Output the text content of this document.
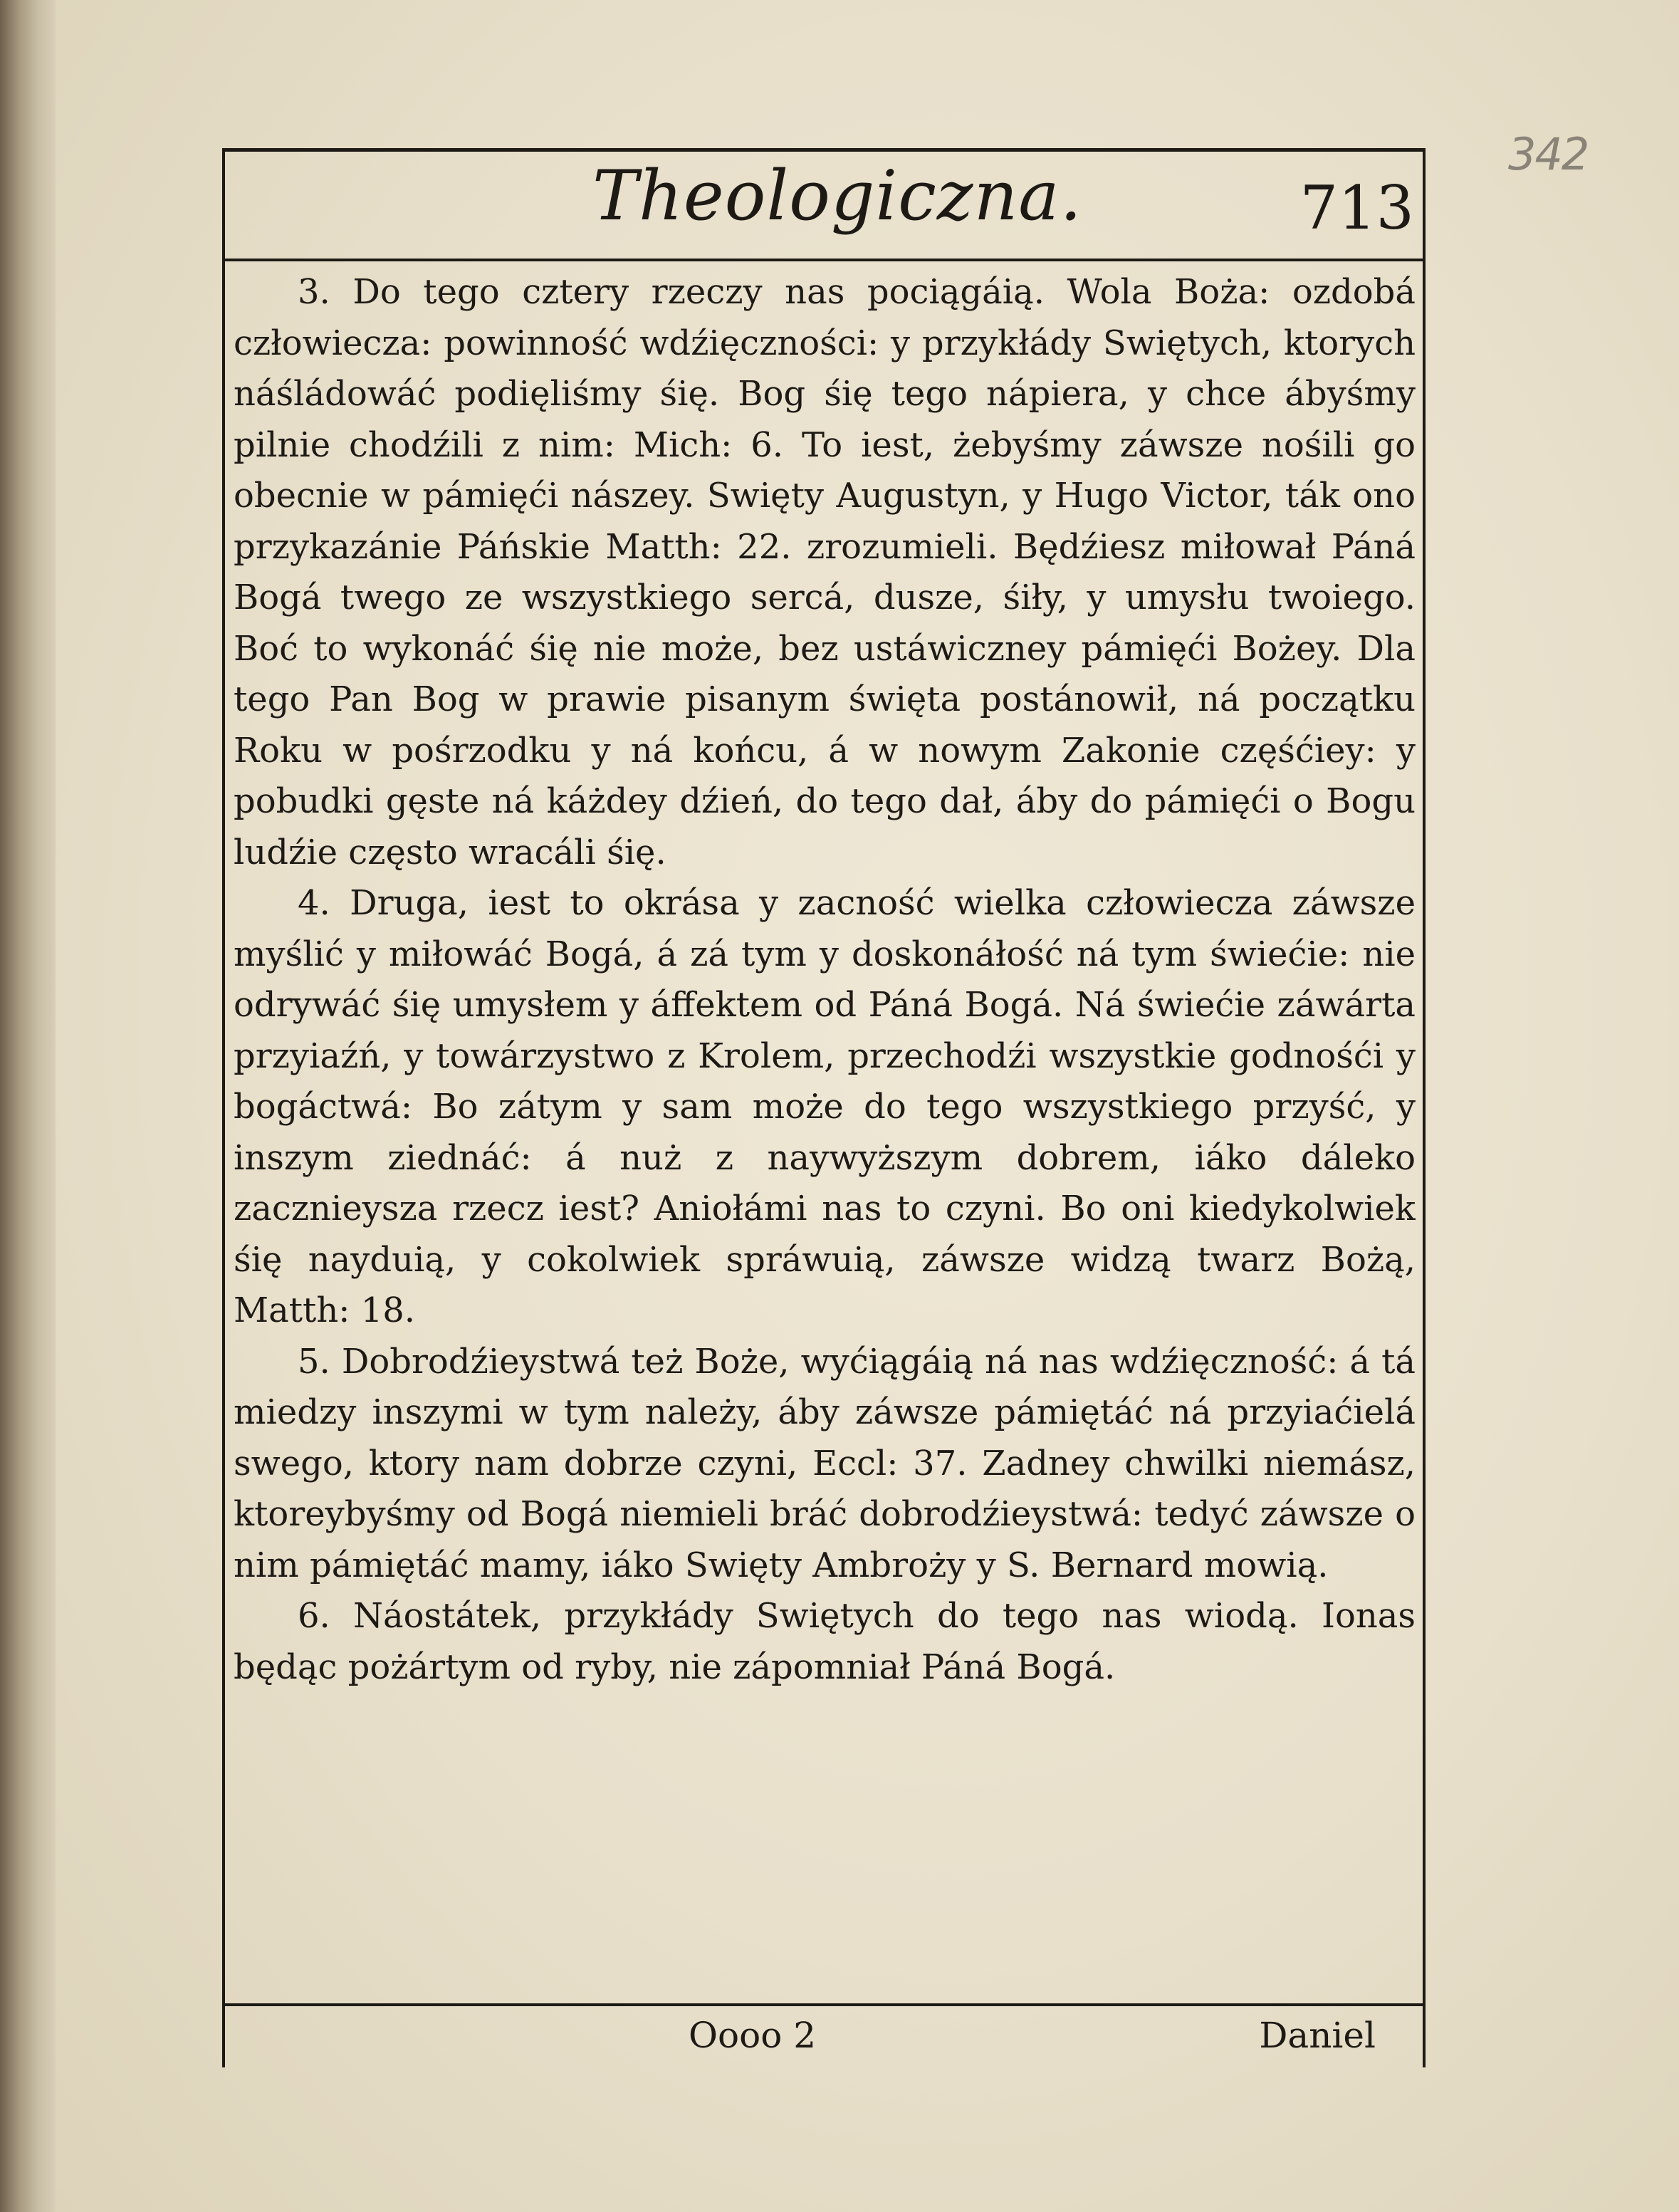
342
Theologiczna.	713

3. Do tego cztery rzeczy nas pociągáią. Wola Boża: ozdobá człowiecza: powinność wdźięczności: y przykłády Swiętych, ktorych náśládowáć podięliśmy śię. Bog śię tego nápiera, y chce ábyśmy pilnie chodźili z nim: Mich: 6. To iest, żebyśmy záwsze nośili go obecnie w pámięći nászey. Swięty Augustyn, y Hugo Victor, ták ono przykazánie Páńskie Matth: 22. zrozumieli. Będźiesz miłował Páná Bogá twego ze wszystkiego sercá, dusze, śiły, y umysłu twoiego. Boć to wykonáć śię nie może, bez ustáwiczney pámięći Bożey. Dla tego Pan Bog w prawie pisanym święta postánowił, ná początku Roku w pośrzodku y ná końcu, á w nowym Zakonie częśćiey: y pobudki gęste ná káżdey dźień, do tego dał, áby do pámięći o Bogu ludźie często wracáli śię.

4. Druga, iest to okrása y zacność wielka człowiecza záwsze myślić y miłowáć Bogá, á zá tym y doskonáłość ná tym świećie: nie odrywáć śię umysłem y áffektem od Páná Bogá. Ná świećie záwárta przyiaźń, y towárzystwo z Krolem, przechodźi wszystkie godnośći y bogáctwá: Bo zátym y sam może do tego wszystkiego przyść, y inszym ziednáć: á nuż z naywyższym dobrem, iáko dáleko zacznieysza rzecz iest? Aniołámi nas to czyni. Bo oni kiedykolwiek śię nayduią, y cokolwiek spráwuią, záwsze widzą twarz Bożą, Matth: 18.

5. Dobrodźieystwá też Boże, wyćiągáią ná nas wdźięczność: á tá miedzy inszymi w tym należy, áby záwsze pámiętáć ná przyiaćielá swego, ktory nam dobrze czyni, Eccl: 37. Zadney chwilki niemász, ktoreybyśmy od Bogá niemieli bráć dobrodźieystwá: tedyć záwsze o nim pámiętáć mamy, iáko Swięty Ambroży y S. Bernard mowią.

6. Náostátek, przykłády Swiętych do tego nas wiodą. Ionas będąc pożártym od ryby, nie zápomniał Páná Bogá.

Oooo 2	Daniel
